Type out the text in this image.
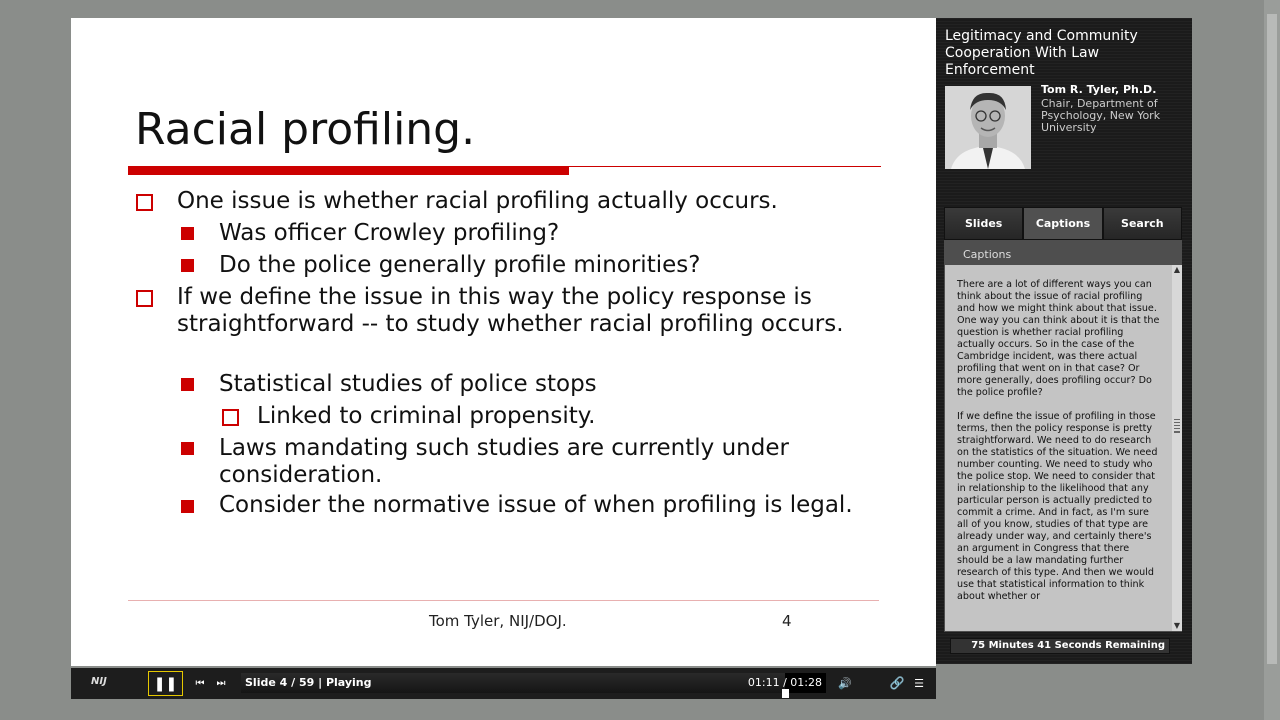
Racial profiling.
One issue is whether racial profiling actually occurs.
Was officer Crowley profiling?
Do the police generally profile minorities?
If we define the issue in this way the policy response is straightforward -- to study whether racial profiling occurs.
Statistical studies of police stops
Linked to criminal propensity.
Laws mandating such studies are currently under consideration.
Consider the normative issue of when profiling is legal.
Tom Tyler, NIJ/DOJ.	4
Legitimacy and Community Cooperation With Law Enforcement
Tom R. Tyler, Ph.D.
Chair, Department of Psychology, New York University
Slides	Captions	Search
Captions

There are a lot of different ways you can think about the issue of racial profiling and how we might think about that issue. One way you can think about it is that the question is whether racial profiling actually occurs. So in the case of the Cambridge incident, was there actual profiling that went on in that case? Or more generally, does profiling occur? Do the police profile?

If we define the issue of profiling in those terms, then the policy response is pretty straightforward. We need to do research on the statistics of the situation. We need number counting. We need to study who the police stop. We need to consider that in relationship to the likelihood that any particular person is actually predicted to commit a crime. And in fact, as I'm sure all of you know, studies of that type are already under way, and certainly there's an argument in Congress that there should be a law mandating further research of this type. And then we would use that statistical information to think about whether or

▲
▼
75 Minutes 41 Seconds Remaining
NIJ	❚❚ ⏮ ⏭ Slide 4 / 59 | Playing	01:11 / 01:28 🔊	🔗 ☰
